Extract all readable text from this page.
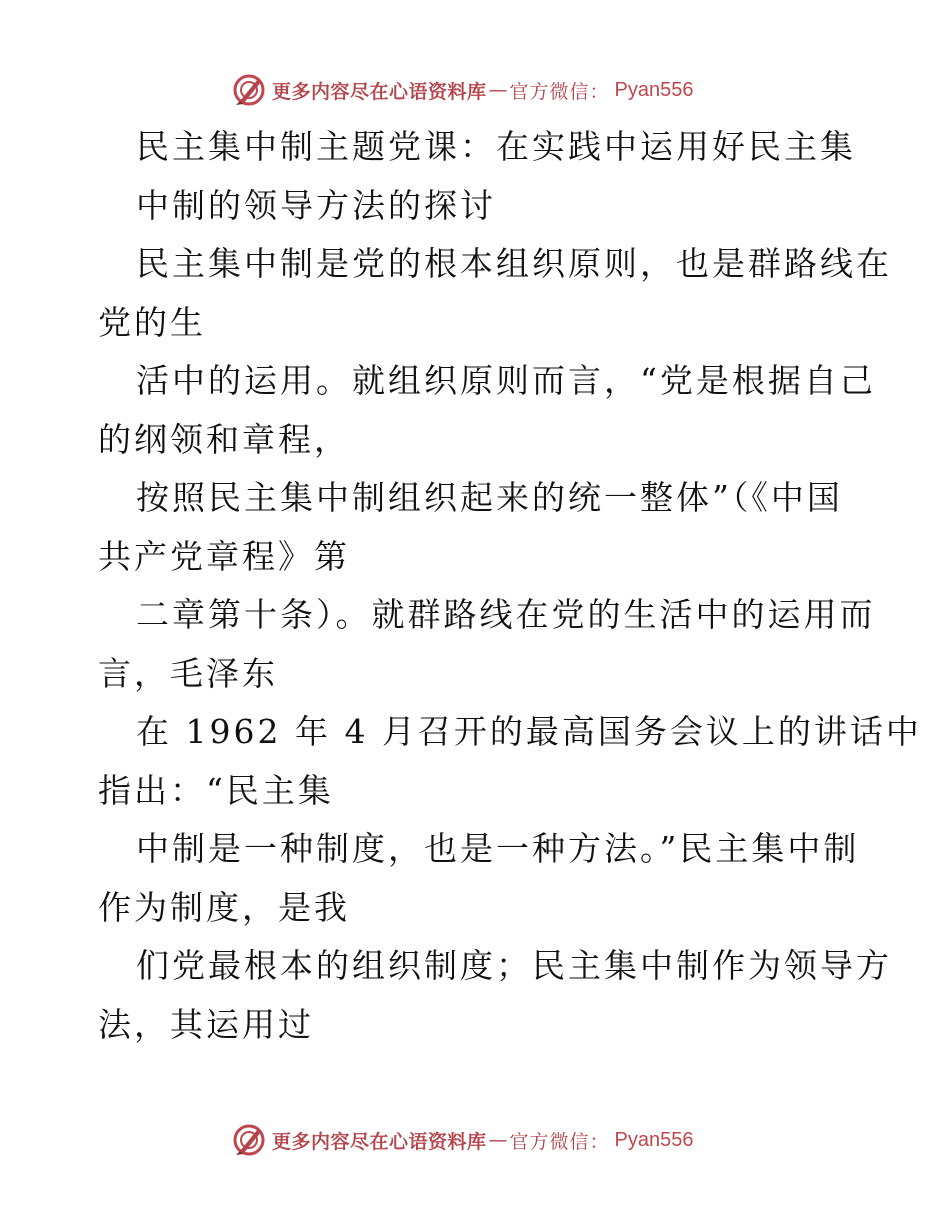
更多内容尽在心语资料库 — 官方微信 ： Pyan556
民主集中制主题党课：在实践中运用好民主集
中制的领导方法的探讨
民主集中制是党的根本组织原则，也是群路线在
党的生
活中的运用。就组织原则而言，“党是根据自己
的纲领和章程，
按照民主集中制组织起来的统一整体”（《中国
共产党章程》第
二章第十条）。就群路线在党的生活中的运用而
言，毛泽东
在 1962 年 4 月召开的最高国务会议上的讲话中
指出：“民主集
中制是一种制度，也是一种方法。”民主集中制
作为制度，是我
们党最根本的组织制度；民主集中制作为领导方
法，其运用过
更多内容尽在心语资料库 — 官方微信 ： Pyan556
